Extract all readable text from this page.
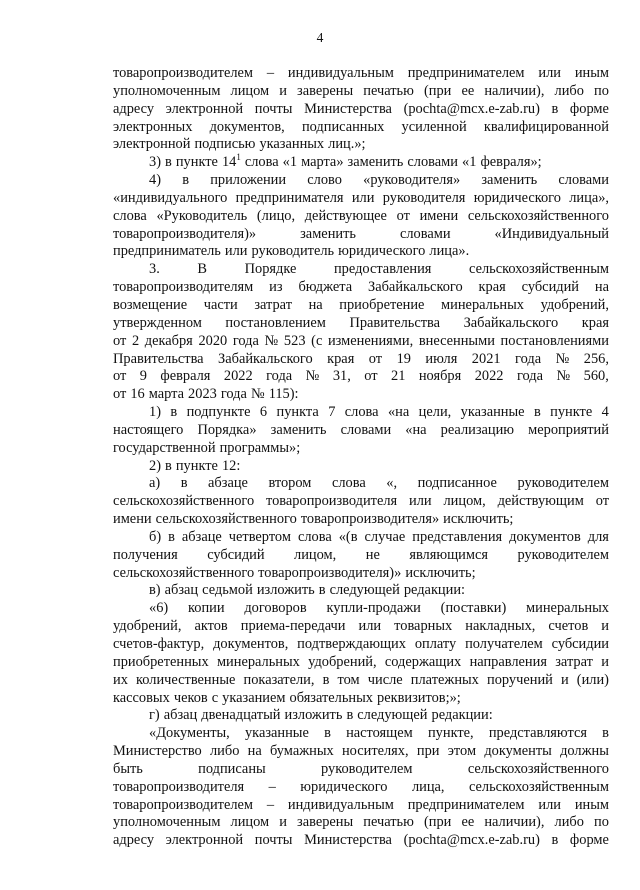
4
товаропроизводителем – индивидуальным предпринимателем или иным
уполномоченным лицом и заверены печатью (при ее наличии), либо по
адресу электронной почты Министерства (pochta@mcx.e-zab.ru) в форме
электронных документов, подписанных усиленной квалифицированной
электронной подписью указанных лиц.»;
3) в пункте $14^1$ слова «1 марта» заменить словами «1 февраля»;
4) в приложении слово «руководителя» заменить словами
«индивидуального предпринимателя или руководителя юридического лица»,
слова «Руководитель (лицо, действующее от имени сельскохозяйственного
товаропроизводителя)»	заменить	словами	«Индивидуальный
предприниматель или руководитель юридического лица».
3.	В	Порядке	предоставления	сельскохозяйственным
товаропроизводителям из бюджета Забайкальского края субсидий на
возмещение части затрат на приобретение минеральных удобрений,
утвержденном постановлением Правительства Забайкальского края
от 2 декабря 2020 года № 523 (с изменениями, внесенными постановлениями
Правительства Забайкальского края от 19 июля 2021 года № 256,
от 9 февраля 2022 года № 31, от 21 ноября 2022 года № 560,
от 16 марта 2023 года № 115):
1) в подпункте 6 пункта 7 слова «на цели, указанные в пункте 4
настоящего Порядка» заменить словами «на реализацию мероприятий
государственной программы»;
2) в пункте 12:
а) в абзаце втором слова «, подписанное руководителем
сельскохозяйственного товаропроизводителя или лицом, действующим от
имени сельскохозяйственного товаропроизводителя» исключить;
б) в абзаце четвертом слова «(в случае представления документов для
получения субсидий лицом, не являющимся руководителем
сельскохозяйственного товаропроизводителя)» исключить;
в) абзац седьмой изложить в следующей редакции:
«6) копии договоров купли-продажи (поставки) минеральных
удобрений, актов приема-передачи или товарных накладных, счетов и
счетов-фактур, документов, подтверждающих оплату получателем субсидии
приобретенных минеральных удобрений, содержащих направления затрат и
их количественные показатели, в том числе платежных поручений и (или)
кассовых чеков с указанием обязательных реквизитов;»;
г) абзац двенадцатый изложить в следующей редакции:
«Документы, указанные в настоящем пункте, представляются в
Министерство либо на бумажных носителях, при этом документы должны
быть	подписаны	руководителем	сельскохозяйственного
товаропроизводителя – юридического лица, сельскохозяйственным
товаропроизводителем – индивидуальным предпринимателем или иным
уполномоченным лицом и заверены печатью (при ее наличии), либо по
адресу электронной почты Министерства (pochta@mcx.e-zab.ru) в форме
